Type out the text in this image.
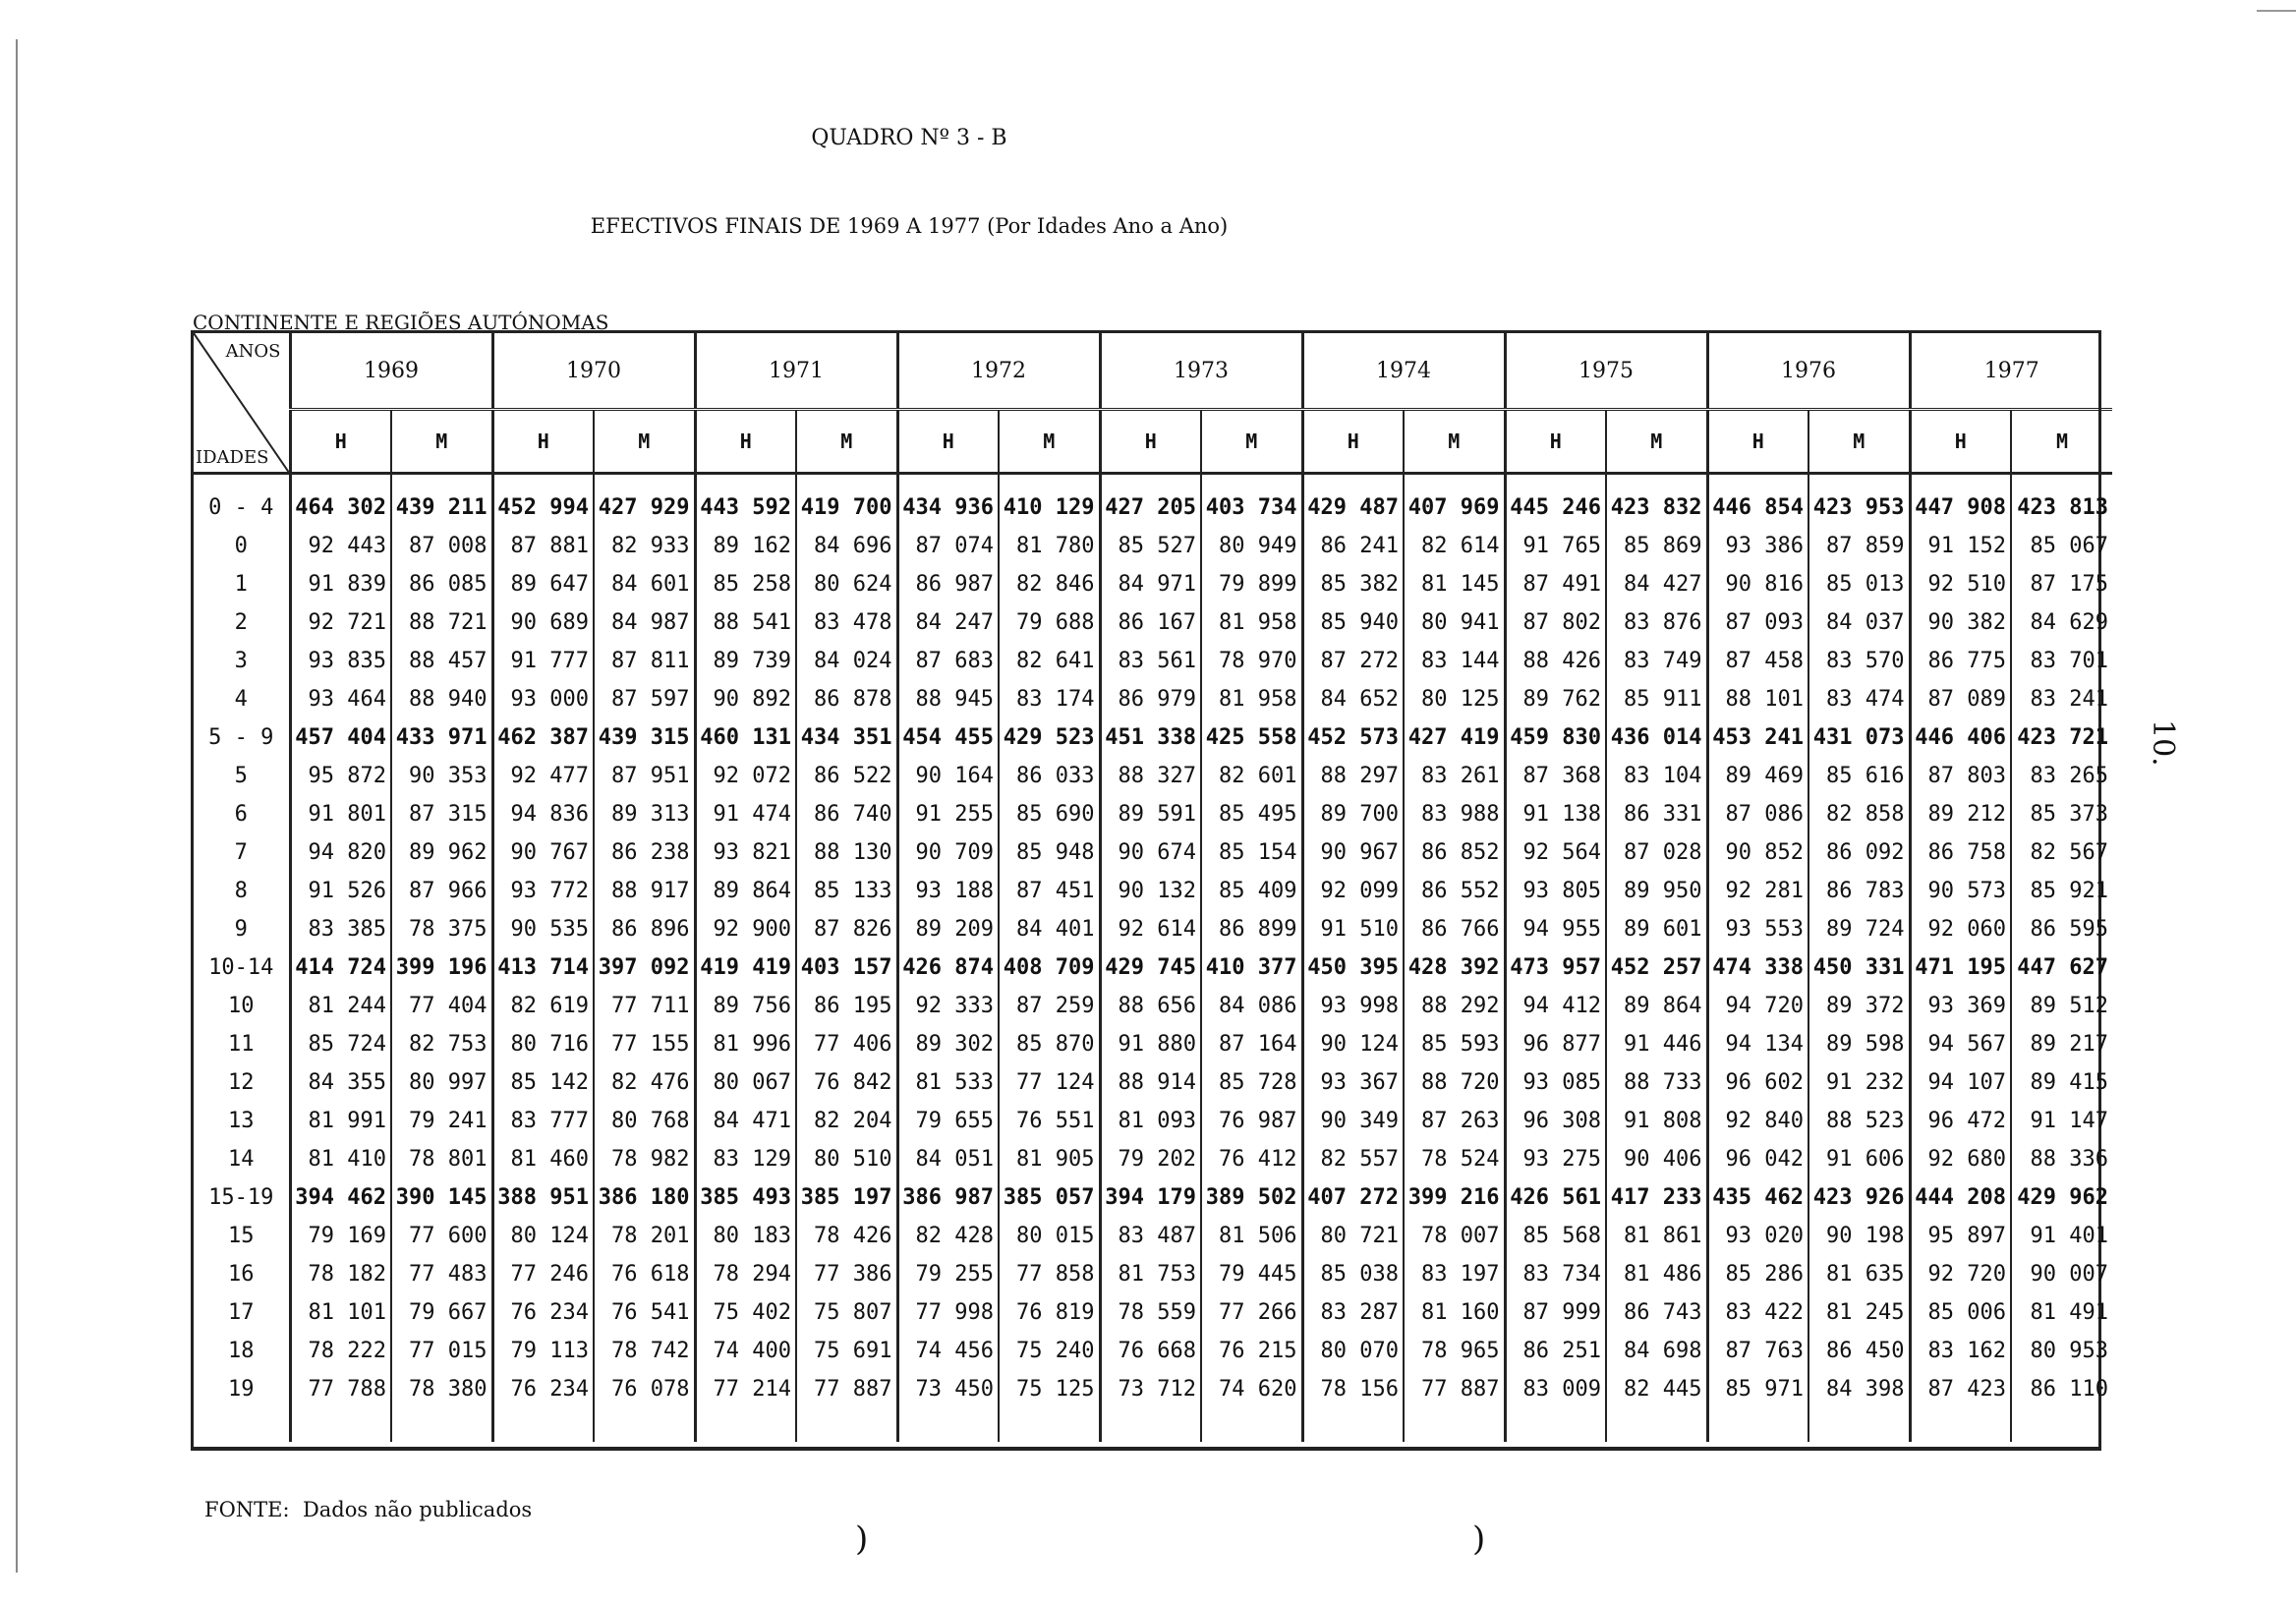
QUADRO Nº 3 - B
EFECTIVOS FINAIS DE 1969 A 1977 (Por Idades Ano a Ano)
CONTINENTE E REGIÕES AUTÓNOMAS
10.
ANOS
IDADES	1969		1970		1971		1972		1973		1974		1975		1976		1977	
	H	M	H	M	H	M	H	M	H	M	H	M	H	M	H	M	H	M
0 - 4	464 302	439 211	452 994	427 929	443 592	419 700	434 936	410 129	427 205	403 734	429 487	407 969	445 246	423 832	446 854	423 953	447 908	423 813
0	92 443	87 008	87 881	82 933	89 162	84 696	87 074	81 780	85 527	80 949	86 241	82 614	91 765	85 869	93 386	87 859	91 152	85 067
1	91 839	86 085	89 647	84 601	85 258	80 624	86 987	82 846	84 971	79 899	85 382	81 145	87 491	84 427	90 816	85 013	92 510	87 175
2	92 721	88 721	90 689	84 987	88 541	83 478	84 247	79 688	86 167	81 958	85 940	80 941	87 802	83 876	87 093	84 037	90 382	84 629
3	93 835	88 457	91 777	87 811	89 739	84 024	87 683	82 641	83 561	78 970	87 272	83 144	88 426	83 749	87 458	83 570	86 775	83 701
4	93 464	88 940	93 000	87 597	90 892	86 878	88 945	83 174	86 979	81 958	84 652	80 125	89 762	85 911	88 101	83 474	87 089	83 241
5 - 9	457 404	433 971	462 387	439 315	460 131	434 351	454 455	429 523	451 338	425 558	452 573	427 419	459 830	436 014	453 241	431 073	446 406	423 721
5	95 872	90 353	92 477	87 951	92 072	86 522	90 164	86 033	88 327	82 601	88 297	83 261	87 368	83 104	89 469	85 616	87 803	83 265
6	91 801	87 315	94 836	89 313	91 474	86 740	91 255	85 690	89 591	85 495	89 700	83 988	91 138	86 331	87 086	82 858	89 212	85 373
7	94 820	89 962	90 767	86 238	93 821	88 130	90 709	85 948	90 674	85 154	90 967	86 852	92 564	87 028	90 852	86 092	86 758	82 567
8	91 526	87 966	93 772	88 917	89 864	85 133	93 188	87 451	90 132	85 409	92 099	86 552	93 805	89 950	92 281	86 783	90 573	85 921
9	83 385	78 375	90 535	86 896	92 900	87 826	89 209	84 401	92 614	86 899	91 510	86 766	94 955	89 601	93 553	89 724	92 060	86 595
10-14	414 724	399 196	413 714	397 092	419 419	403 157	426 874	408 709	429 745	410 377	450 395	428 392	473 957	452 257	474 338	450 331	471 195	447 627
10	81 244	77 404	82 619	77 711	89 756	86 195	92 333	87 259	88 656	84 086	93 998	88 292	94 412	89 864	94 720	89 372	93 369	89 512
11	85 724	82 753	80 716	77 155	81 996	77 406	89 302	85 870	91 880	87 164	90 124	85 593	96 877	91 446	94 134	89 598	94 567	89 217
12	84 355	80 997	85 142	82 476	80 067	76 842	81 533	77 124	88 914	85 728	93 367	88 720	93 085	88 733	96 602	91 232	94 107	89 415
13	81 991	79 241	83 777	80 768	84 471	82 204	79 655	76 551	81 093	76 987	90 349	87 263	96 308	91 808	92 840	88 523	96 472	91 147
14	81 410	78 801	81 460	78 982	83 129	80 510	84 051	81 905	79 202	76 412	82 557	78 524	93 275	90 406	96 042	91 606	92 680	88 336
15-19	394 462	390 145	388 951	386 180	385 493	385 197	386 987	385 057	394 179	389 502	407 272	399 216	426 561	417 233	435 462	423 926	444 208	429 962
15	79 169	77 600	80 124	78 201	80 183	78 426	82 428	80 015	83 487	81 506	80 721	78 007	85 568	81 861	93 020	90 198	95 897	91 401
16	78 182	77 483	77 246	76 618	78 294	77 386	79 255	77 858	81 753	79 445	85 038	83 197	83 734	81 486	85 286	81 635	92 720	90 007
17	81 101	79 667	76 234	76 541	75 402	75 807	77 998	76 819	78 559	77 266	83 287	81 160	87 999	86 743	83 422	81 245	85 006	81 491
18	78 222	77 015	79 113	78 742	74 400	75 691	74 456	75 240	76 668	76 215	80 070	78 965	86 251	84 698	87 763	86 450	83 162	80 953
19	77 788	78 380	76 234	76 078	77 214	77 887	73 450	75 125	73 712	74 620	78 156	77 887	83 009	82 445	85 971	84 398	87 423	86 110

FONTE: Dados não publicados
)	)
